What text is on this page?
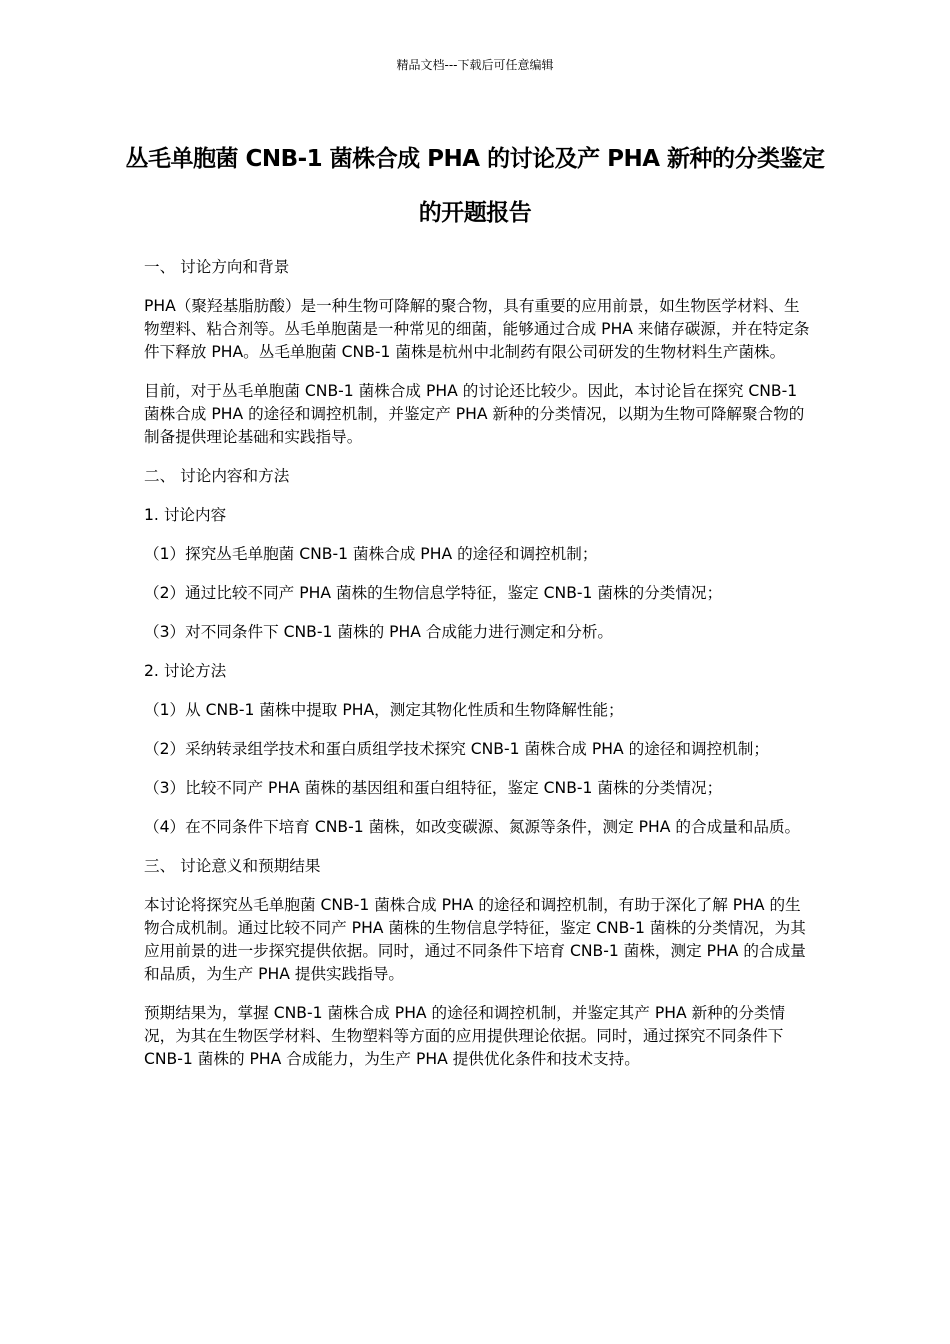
精品文档---下载后可任意编辑
丛毛单胞菌 CNB-1 菌株合成 PHA 的讨论及产 PHA 新种的分类鉴定的开题报告

一、 讨论方向和背景

PHA（聚羟基脂肪酸）是一种生物可降解的聚合物，具有重要的应用前景，如生物医学材料、生物塑料、粘合剂等。丛毛单胞菌是一种常见的细菌，能够通过合成 PHA 来储存碳源，并在特定条件下释放 PHA。丛毛单胞菌 CNB-1 菌株是杭州中北制药有限公司研发的生物材料生产菌株。

目前，对于丛毛单胞菌 CNB-1 菌株合成 PHA 的讨论还比较少。因此，本讨论旨在探究 CNB-1 菌株合成 PHA 的途径和调控机制，并鉴定产 PHA 新种的分类情况，以期为生物可降解聚合物的制备提供理论基础和实践指导。

二、 讨论内容和方法

1. 讨论内容

（1）探究丛毛单胞菌 CNB-1 菌株合成 PHA 的途径和调控机制；

（2）通过比较不同产 PHA 菌株的生物信息学特征，鉴定 CNB-1 菌株的分类情况；

（3）对不同条件下 CNB-1 菌株的 PHA 合成能力进行测定和分析。

2. 讨论方法

（1）从 CNB-1 菌株中提取 PHA，测定其物化性质和生物降解性能；

（2）采纳转录组学技术和蛋白质组学技术探究 CNB-1 菌株合成 PHA 的途径和调控机制；

（3）比较不同产 PHA 菌株的基因组和蛋白组特征，鉴定 CNB-1 菌株的分类情况；

（4）在不同条件下培育 CNB-1 菌株，如改变碳源、氮源等条件，测定 PHA 的合成量和品质。

三、 讨论意义和预期结果

本讨论将探究丛毛单胞菌 CNB-1 菌株合成 PHA 的途径和调控机制，有助于深化了解 PHA 的生物合成机制。通过比较不同产 PHA 菌株的生物信息学特征，鉴定 CNB-1 菌株的分类情况，为其应用前景的进一步探究提供依据。同时，通过不同条件下培育 CNB-1 菌株，测定 PHA 的合成量和品质，为生产 PHA 提供实践指导。

预期结果为，掌握 CNB-1 菌株合成 PHA 的途径和调控机制，并鉴定其产 PHA 新种的分类情况，为其在生物医学材料、生物塑料等方面的应用提供理论依据。同时，通过探究不同条件下 CNB-1 菌株的 PHA 合成能力，为生产 PHA 提供优化条件和技术支持。
